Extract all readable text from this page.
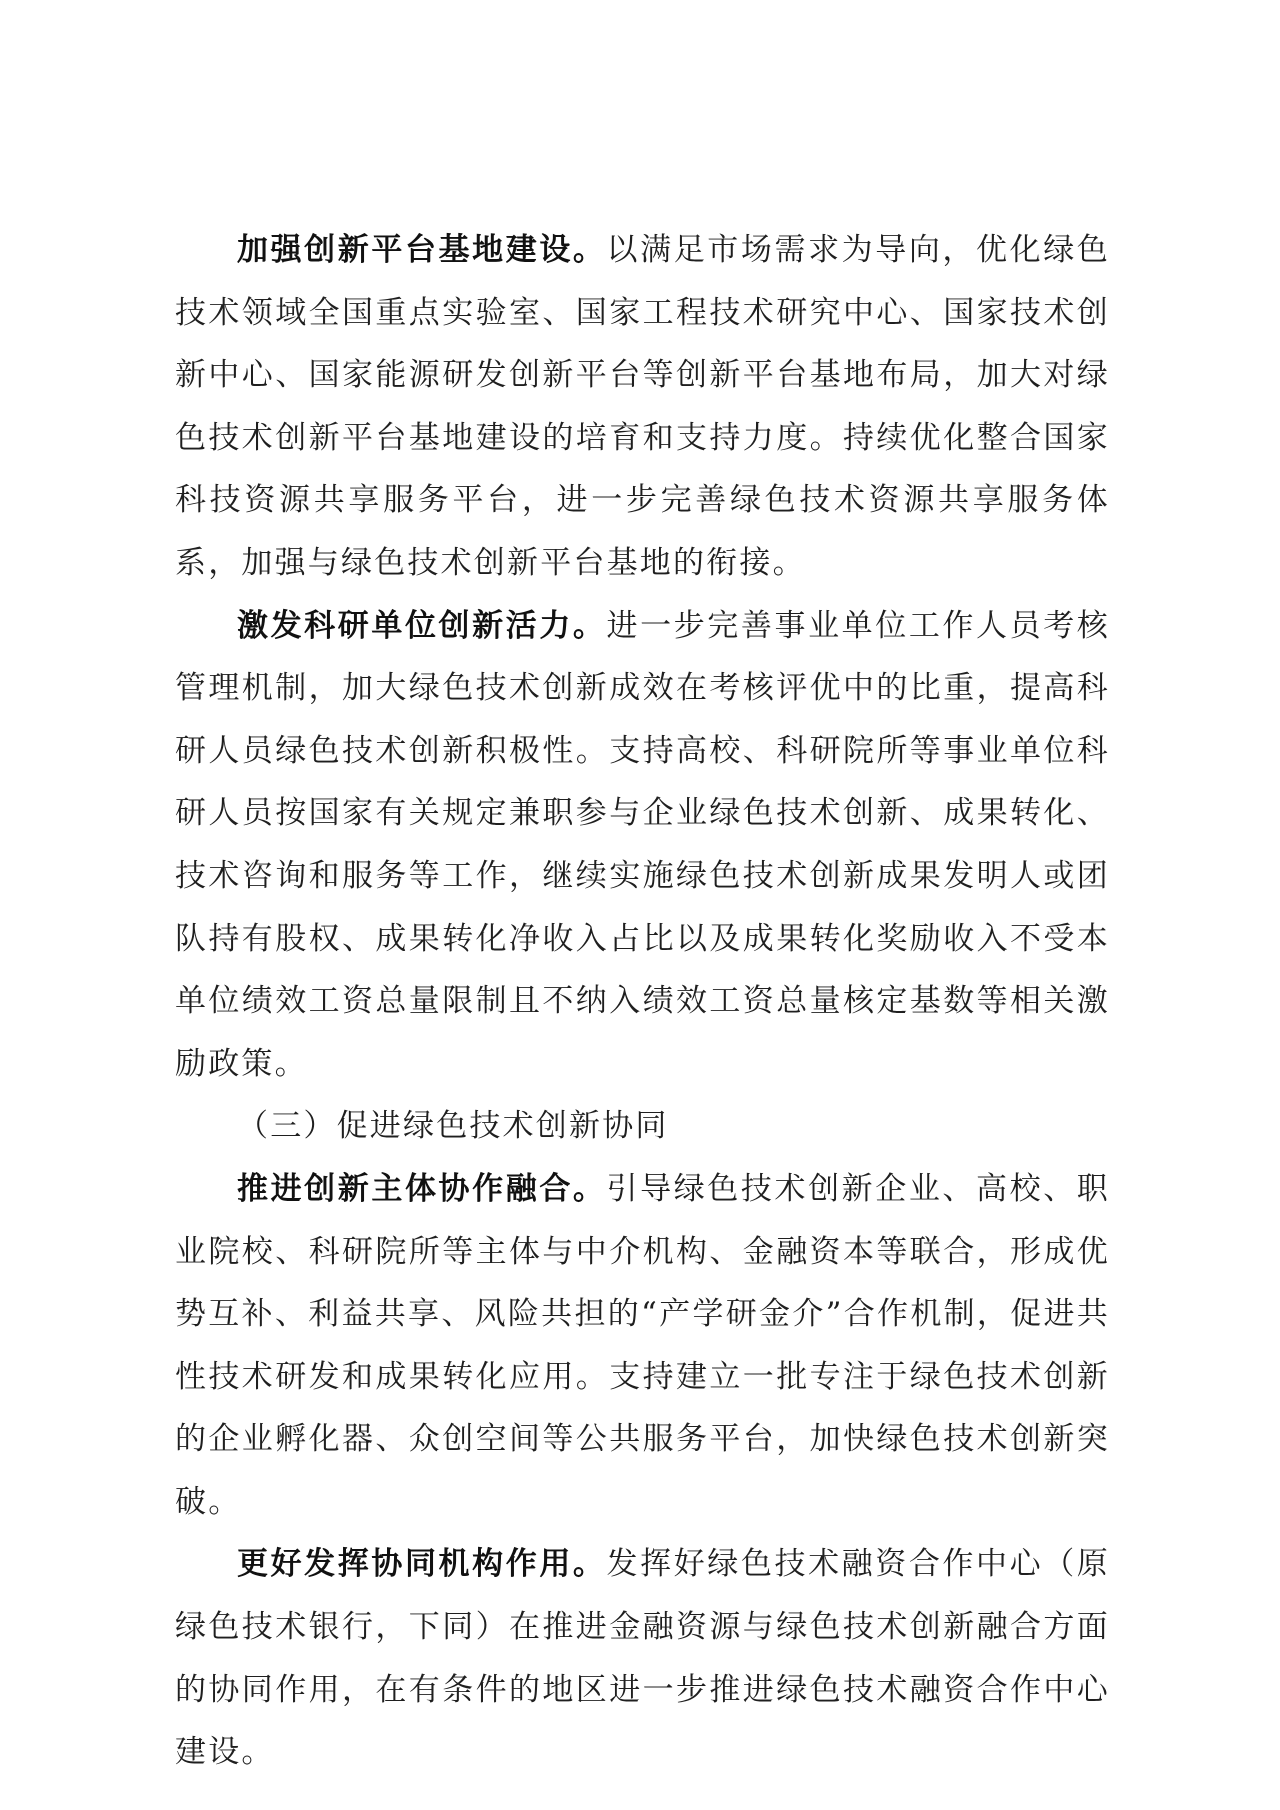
加强创新平台基地建设。以满足市场需求为导向，优化绿色技术领域全国重点实验室、国家工程技术研究中心、国家技术创新中心、国家能源研发创新平台等创新平台基地布局，加大对绿色技术创新平台基地建设的培育和支持力度。持续优化整合国家科技资源共享服务平台，进一步完善绿色技术资源共享服务体系，加强与绿色技术创新平台基地的衔接。

激发科研单位创新活力。进一步完善事业单位工作人员考核管理机制，加大绿色技术创新成效在考核评优中的比重，提高科研人员绿色技术创新积极性。支持高校、科研院所等事业单位科研人员按国家有关规定兼职参与企业绿色技术创新、成果转化、技术咨询和服务等工作，继续实施绿色技术创新成果发明人或团队持有股权、成果转化净收入占比以及成果转化奖励收入不受本单位绩效工资总量限制且不纳入绩效工资总量核定基数等相关激励政策。

（三）促进绿色技术创新协同

推进创新主体协作融合。引导绿色技术创新企业、高校、职业院校、科研院所等主体与中介机构、金融资本等联合，形成优势互补、利益共享、风险共担的“产学研金介”合作机制，促进共性技术研发和成果转化应用。支持建立一批专注于绿色技术创新的企业孵化器、众创空间等公共服务平台，加快绿色技术创新突破。

更好发挥协同机构作用。发挥好绿色技术融资合作中心（原绿色技术银行，下同）在推进金融资源与绿色技术创新融合方面的协同作用，在有条件的地区进一步推进绿色技术融资合作中心建设。
